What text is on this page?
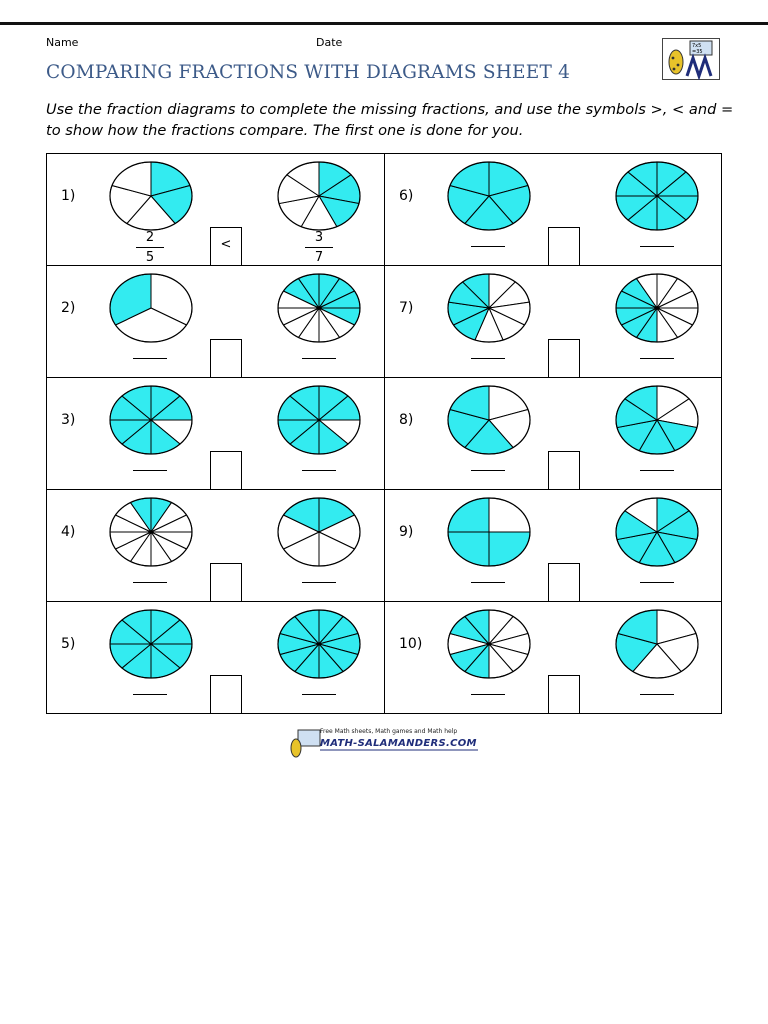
Name	Date
COMPARING FRACTIONS WITH DIAGRAMS SHEET 4
7x5
=35
Use the fraction diagrams to complete the missing fractions, and use the symbols >, < and = to show how the fractions compare. The first one is done for you.
1)
2
5
3
7
<
2)
3)
4)
5)
6)
7)
8)
9)
10)
Free Math sheets, Math games and Math help
MATH-SALAMANDERS.COM
